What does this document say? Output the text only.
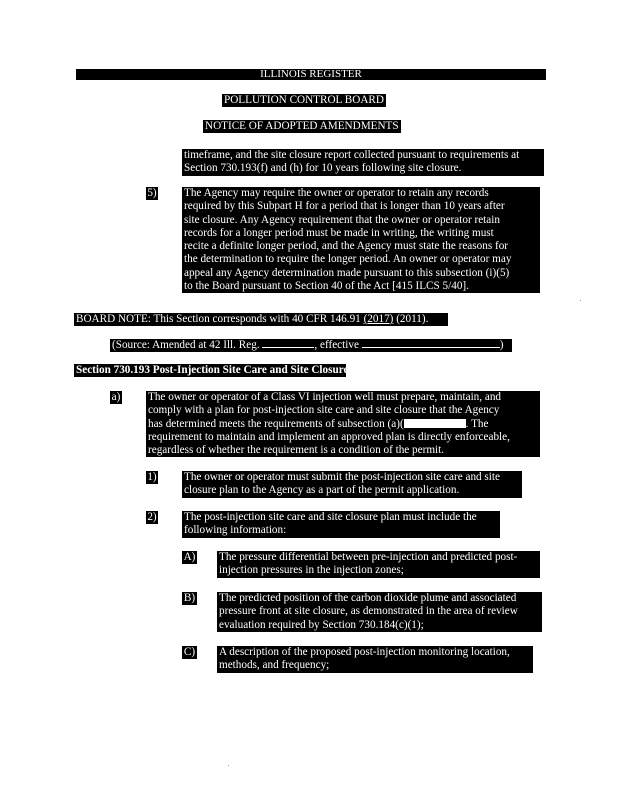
ILLINOIS REGISTER
POLLUTION CONTROL BOARD
NOTICE OF ADOPTED AMENDMENTS
timeframe, and the site closure report collected pursuant to requirements at
Section 730.193(f) and (h) for 10 years following site closure.
5) The Agency may require the owner or operator to retain any records
required by this Subpart H for a period that is longer than 10 years after
site closure. Any Agency requirement that the owner or operator retain
records for a longer period must be made in writing, the writing must
recite a definite longer period, and the Agency must state the reasons for
the determination to require the longer period. An owner or operator may
appeal any Agency determination made pursuant to this subsection (i)(5)
to the Board pursuant to Section 40 of the Act [415 ILCS 5/40].
BOARD NOTE: This Section corresponds with 40 CFR 146.91 (2017) (2011).
(Source: Amended at 42 Ill. Reg.	, effective	)
Section 730.193 Post-Injection Site Care and Site Closure
a) The owner or operator of a Class VI injection well must prepare, maintain, and
comply with a plan for post-injection site care and site closure that the Agency
has determined meets the requirements of subsection (a)(	. The
requirement to maintain and implement an approved plan is directly enforceable,
regardless of whether the requirement is a condition of the permit.
1) The owner or operator must submit the post-injection site care and site
closure plan to the Agency as a part of the permit application.
2) The post-injection site care and site closure plan must include the
following information:
A) The pressure differential between pre-injection and predicted post-
injection pressures in the injection zones;
B) The predicted position of the carbon dioxide plume and associated
pressure front at site closure, as demonstrated in the area of review
evaluation required by Section 730.184(c)(1);
C) A description of the proposed post-injection monitoring location,
methods, and frequency;
